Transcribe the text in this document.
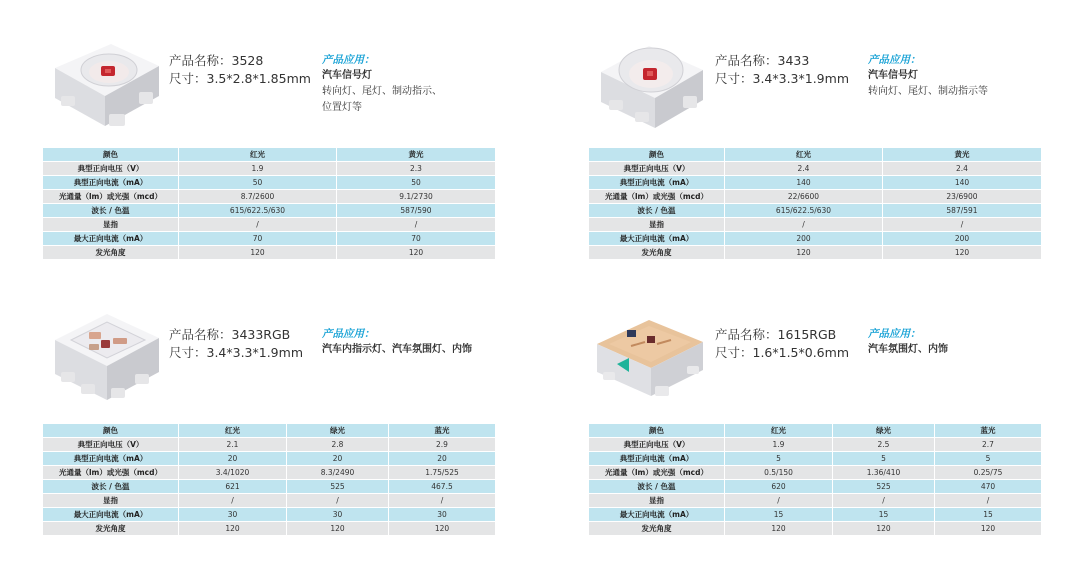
产品名称：3528
尺寸：3.5*2.8*1.85mm
产品应用：
汽车信号灯
转向灯、尾灯、制动指示、
位置灯等
颜色	红光	黄光
典型正向电压（V）	1.9	2.3
典型正向电流（mA）	50	50
光通量（lm）或光强（mcd）	8.7/2600	9.1/2730
波长 / 色温	615/622.5/630	587/590
显指	/	/
最大正向电流（mA）	70	70
发光角度	120	120
产品名称：3433
尺寸：3.4*3.3*1.9mm
产品应用：
汽车信号灯
转向灯、尾灯、制动指示等
颜色	红光	黄光
典型正向电压（V）	2.4	2.4
典型正向电流（mA）	140	140
光通量（lm）或光强（mcd）	22/6600	23/6900
波长 / 色温	615/622.5/630	587/591
显指	/	/
最大正向电流（mA）	200	200
发光角度	120	120
产品名称：3433RGB
尺寸：3.4*3.3*1.9mm
产品应用：
汽车内指示灯、汽车氛围灯、内饰
颜色	红光	绿光	蓝光
典型正向电压（V）	2.1	2.8	2.9
典型正向电流（mA）	20	20	20
光通量（lm）或光强（mcd）	3.4/1020	8.3/2490	1.75/525
波长 / 色温	621	525	467.5
显指	/	/	/
最大正向电流（mA）	30	30	30
发光角度	120	120	120
产品名称：1615RGB
尺寸：1.6*1.5*0.6mm
产品应用：
汽车氛围灯、内饰
颜色	红光	绿光	蓝光
典型正向电压（V）	1.9	2.5	2.7
典型正向电流（mA）	5	5	5
光通量（lm）或光强（mcd）	0.5/150	1.36/410	0.25/75
波长 / 色温	620	525	470
显指	/	/	/
最大正向电流（mA）	15	15	15
发光角度	120	120	120
